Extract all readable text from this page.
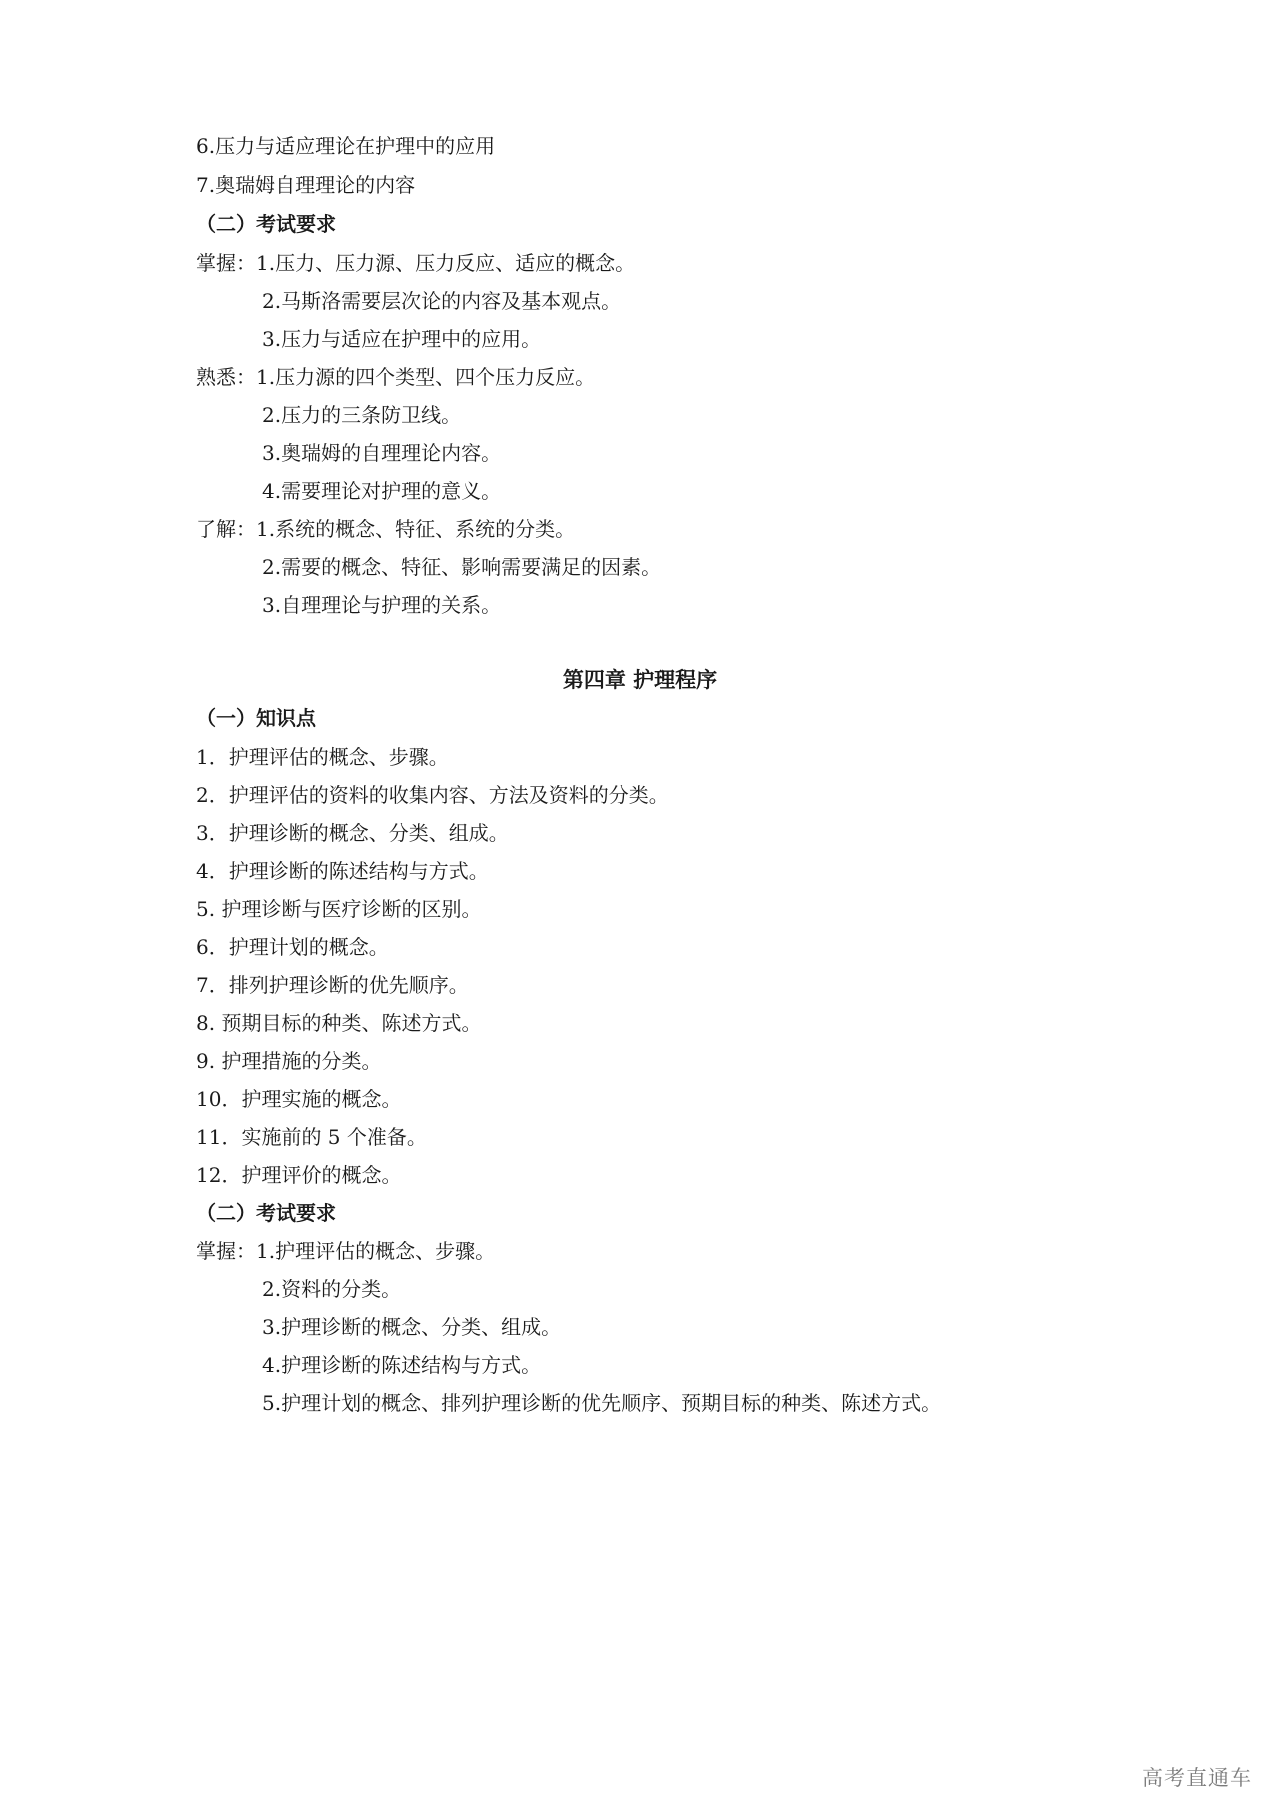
6.压力与适应理论在护理中的应用
7.奥瑞姆自理理论的内容
（二）考试要求
掌握：1.压力、压力源、压力反应、适应的概念。
2.马斯洛需要层次论的内容及基本观点。
3.压力与适应在护理中的应用。
熟悉：1.压力源的四个类型、四个压力反应。
2.压力的三条防卫线。
3.奥瑞姆的自理理论内容。
4.需要理论对护理的意义。
了解：1.系统的概念、特征、系统的分类。
2.需要的概念、特征、影响需要满足的因素。
3.自理理论与护理的关系。
第四章 护理程序
（一）知识点
1．护理评估的概念、步骤。
2．护理评估的资料的收集内容、方法及资料的分类。
3．护理诊断的概念、分类、组成。
4．护理诊断的陈述结构与方式。
5. 护理诊断与医疗诊断的区别。
6．护理计划的概念。
7．排列护理诊断的优先顺序。
8. 预期目标的种类、陈述方式。
9. 护理措施的分类。
10．护理实施的概念。
11．实施前的 5 个准备。
12．护理评价的概念。
（二）考试要求
掌握：1.护理评估的概念、步骤。
2.资料的分类。
3.护理诊断的概念、分类、组成。
4.护理诊断的陈述结构与方式。
5.护理计划的概念、排列护理诊断的优先顺序、预期目标的种类、陈述方式。
高考直通车
